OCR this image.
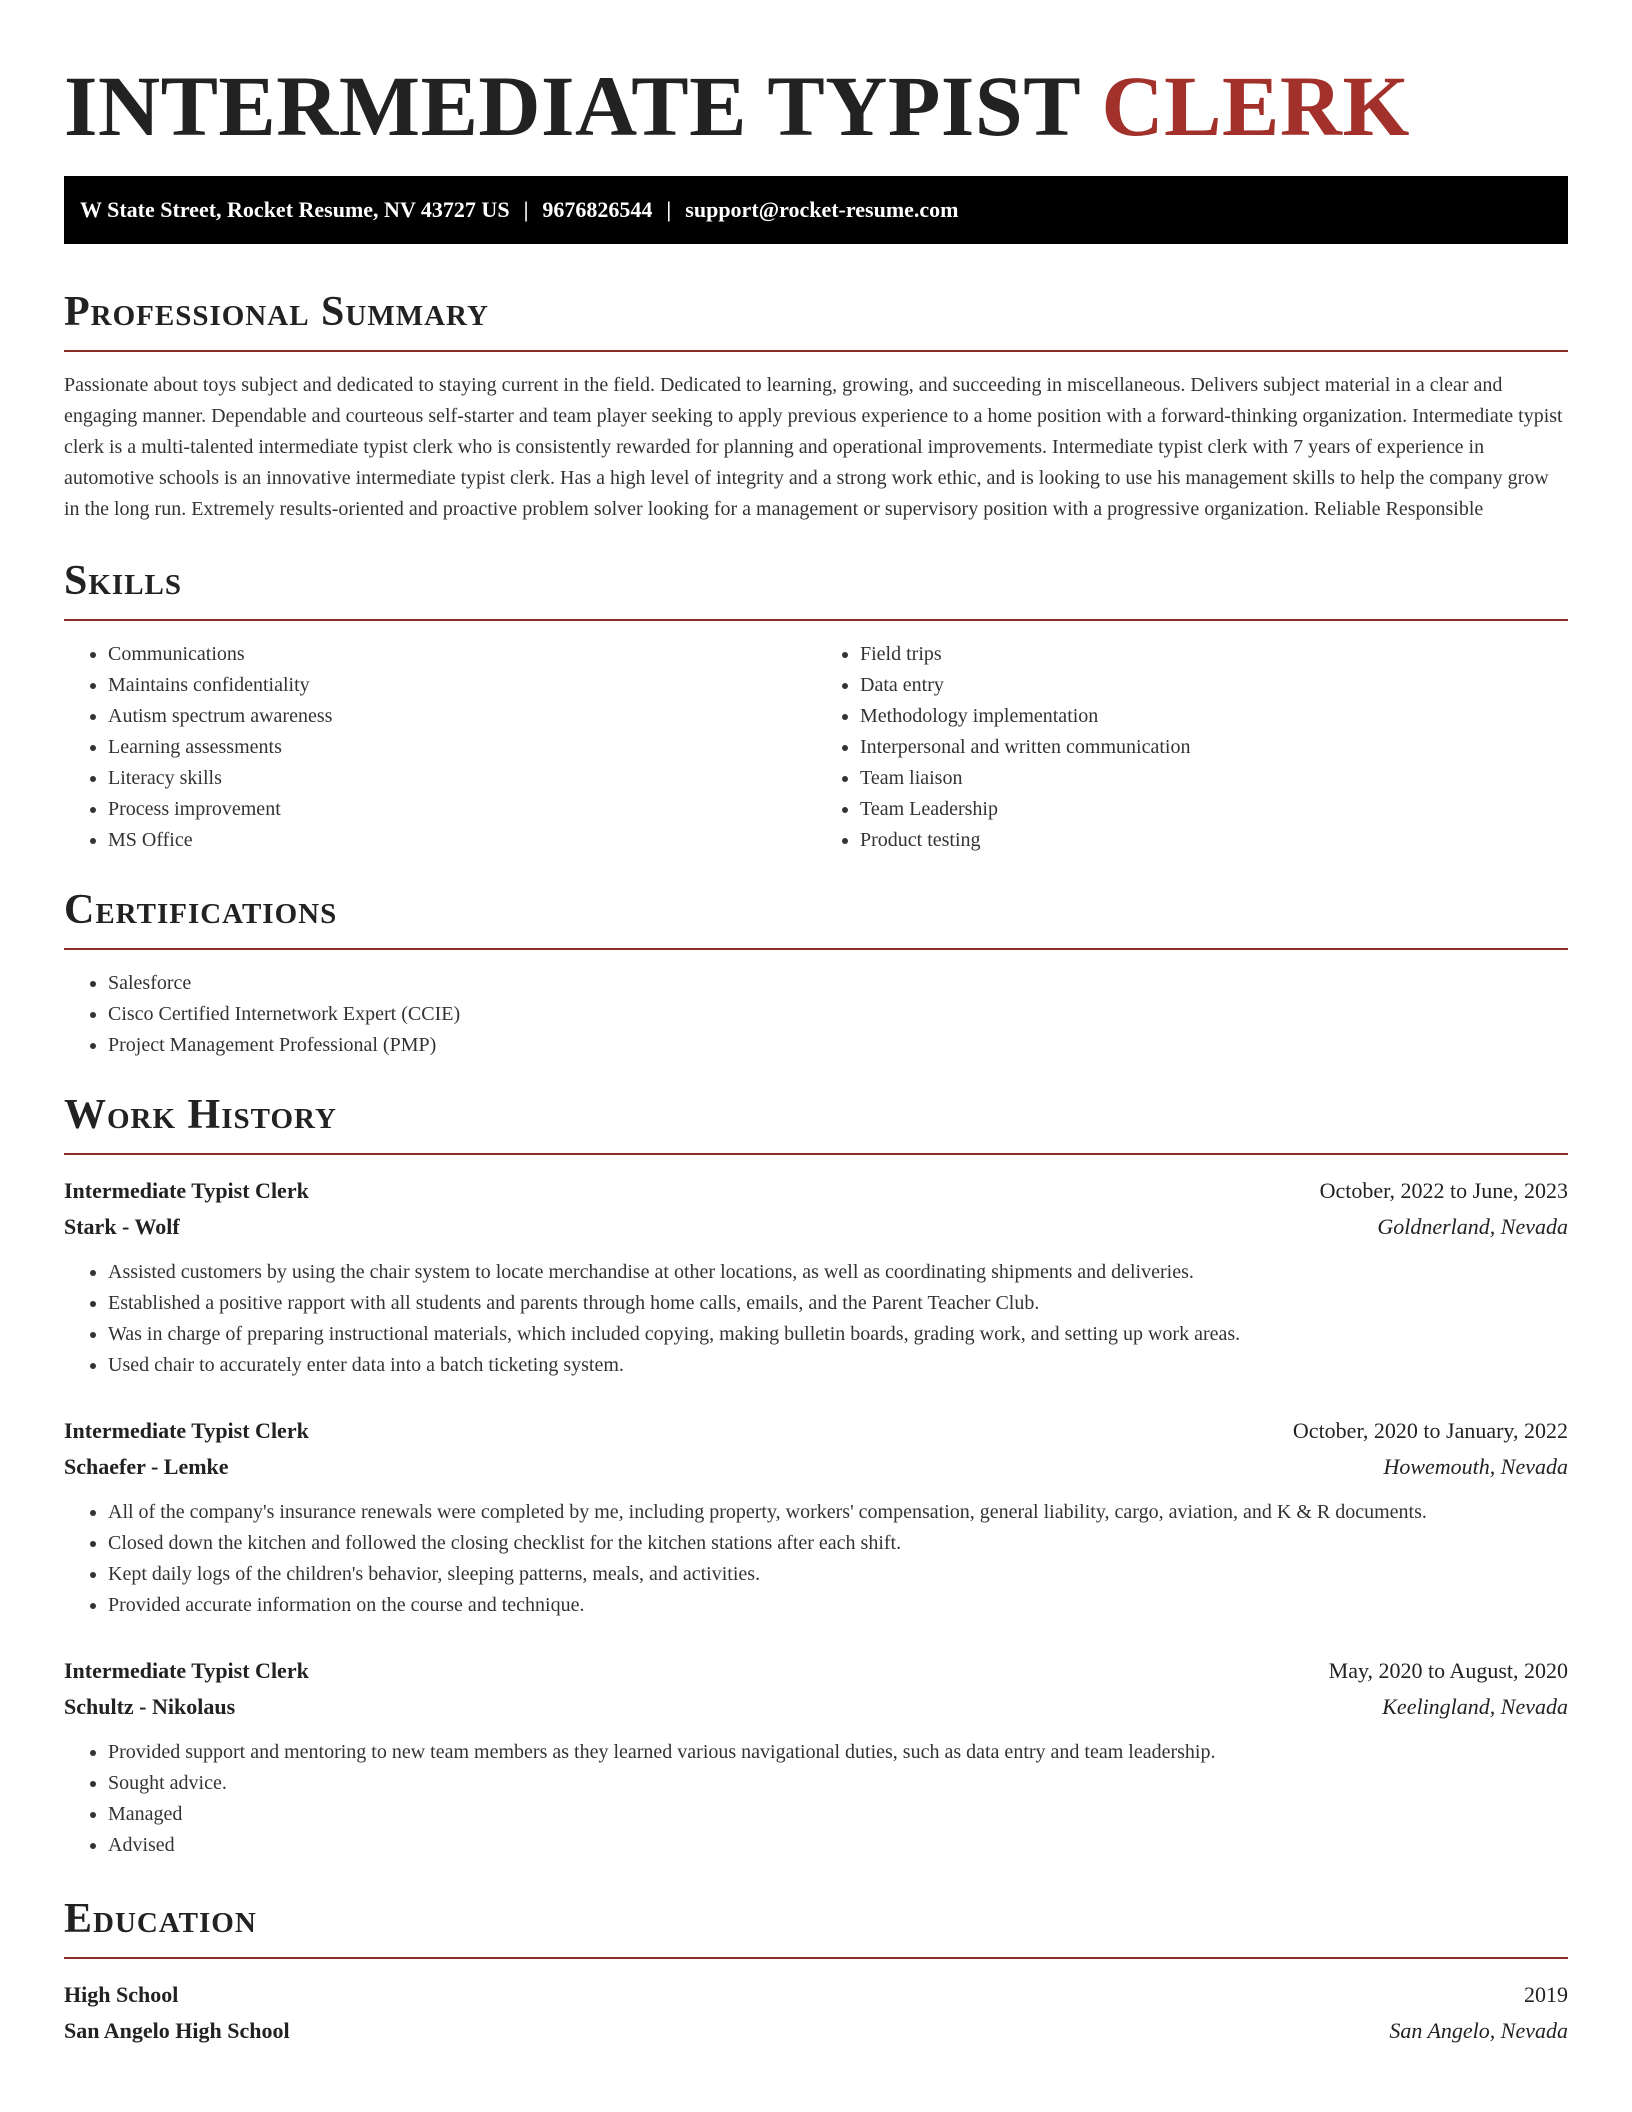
INTERMEDIATE TYPIST CLERK
W State Street, Rocket Resume, NV 43727 US | 9676826544 | support@rocket-resume.com
Professional Summary

Passionate about toys subject and dedicated to staying current in the field. Dedicated to learning, growing, and succeeding in miscellaneous. Delivers subject material in a clear and engaging manner. Dependable and courteous self-starter and team player seeking to apply previous experience to a home position with a forward-thinking organization. Intermediate typist clerk is a multi-talented intermediate typist clerk who is consistently rewarded for planning and operational improvements. Intermediate typist clerk with 7 years of experience in automotive schools is an innovative intermediate typist clerk. Has a high level of integrity and a strong work ethic, and is looking to use his management skills to help the company grow in the long run. Extremely results-oriented and proactive problem solver looking for a management or supervisory position with a progressive organization. Reliable Responsible

Skills
• Communications
• Maintains confidentiality
• Autism spectrum awareness
• Learning assessments
• Literacy skills
• Process improvement
• MS Office
• Field trips
• Data entry
• Methodology implementation
• Interpersonal and written communication
• Team liaison
• Team Leadership
• Product testing
Certifications
• Salesforce
• Cisco Certified Internetwork Expert (CCIE)
• Project Management Professional (PMP)
Work History
Intermediate Typist Clerk	October, 2022 to June, 2023
Stark - Wolf	Goldnerland, Nevada
• Assisted customers by using the chair system to locate merchandise at other locations, as well as coordinating shipments and deliveries.
• Established a positive rapport with all students and parents through home calls, emails, and the Parent Teacher Club.
• Was in charge of preparing instructional materials, which included copying, making bulletin boards, grading work, and setting up work areas.
• Used chair to accurately enter data into a batch ticketing system.
Intermediate Typist Clerk	October, 2020 to January, 2022
Schaefer - Lemke	Howemouth, Nevada
• All of the company's insurance renewals were completed by me, including property, workers' compensation, general liability, cargo, aviation, and K & R documents.
• Closed down the kitchen and followed the closing checklist for the kitchen stations after each shift.
• Kept daily logs of the children's behavior, sleeping patterns, meals, and activities.
• Provided accurate information on the course and technique.
Intermediate Typist Clerk	May, 2020 to August, 2020
Schultz - Nikolaus	Keelingland, Nevada
• Provided support and mentoring to new team members as they learned various navigational duties, such as data entry and team leadership.
• Sought advice.
• Managed
• Advised
Education
High School	2019
San Angelo High School	San Angelo, Nevada
